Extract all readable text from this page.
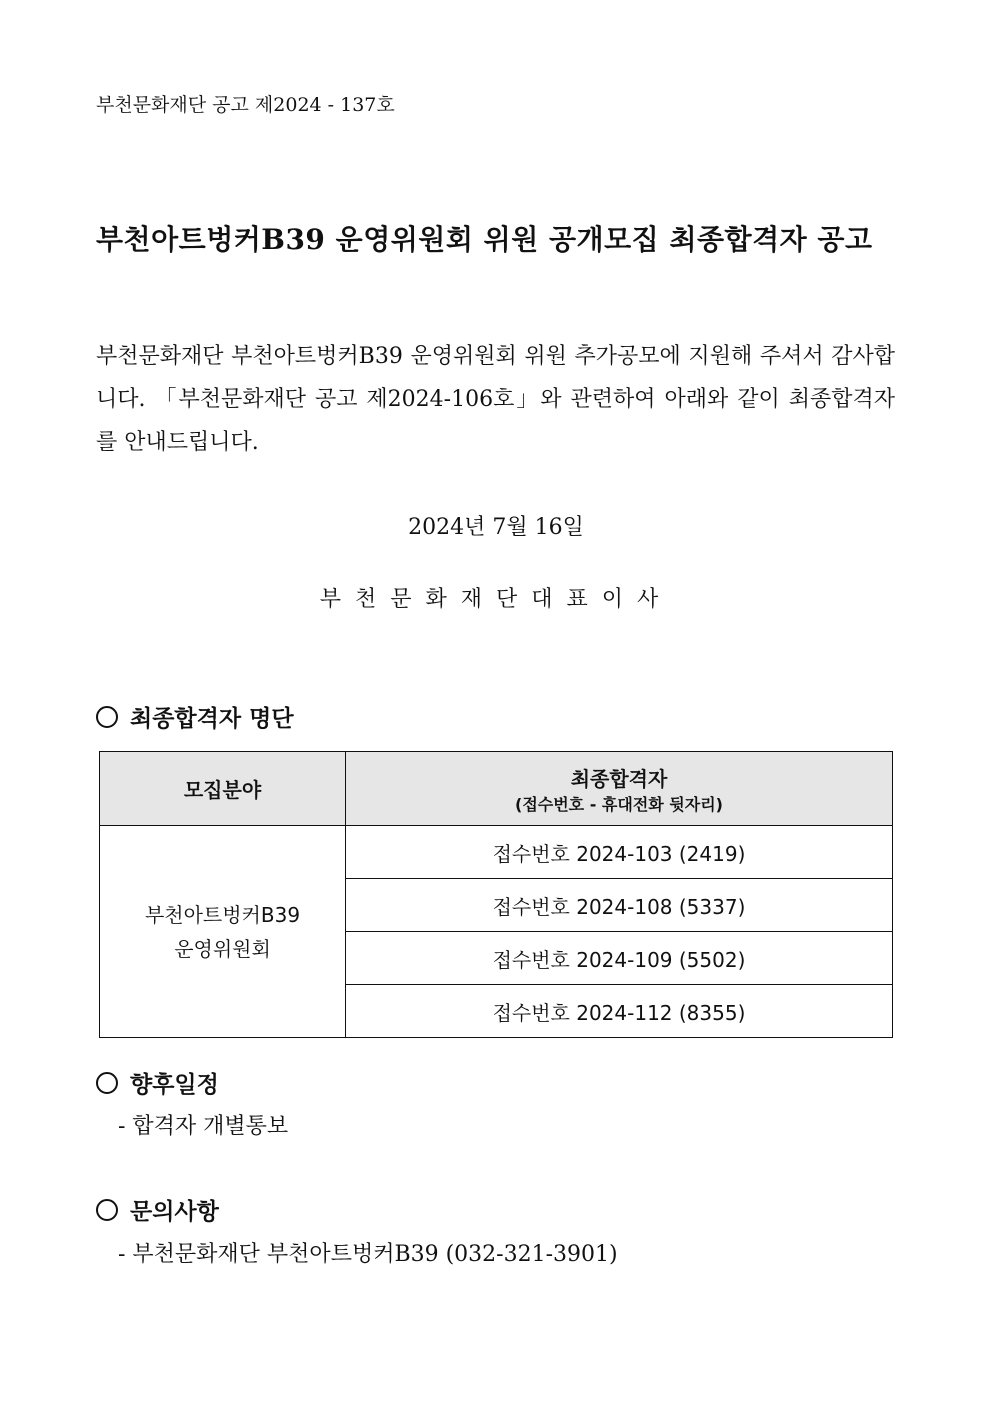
부천문화재단 공고 제2024 - 137호
부천아트벙커B39 운영위원회 위원 공개모집 최종합격자 공고
부천문화재단 부천아트벙커B39 운영위원회 위원 추가공모에 지원해 주셔서 감사합니다. 「부천문화재단 공고 제2024-106호」와 관련하여 아래와 같이 최종합격자를 안내드립니다.
2024년 7월 16일
부천문화재단대표이사
최종합격자 명단
모집분야	최종합격자
(접수번호 - 휴대전화 뒷자리)

부천아트벙커B39
운영위원회	접수번호 2024-103 (2419)
	접수번호 2024-108 (5337)
	접수번호 2024-109 (5502)
	접수번호 2024-112 (8355)
향후일정
- 합격자 개별통보
문의사항
- 부천문화재단 부천아트벙커B39 (032-321-3901)
